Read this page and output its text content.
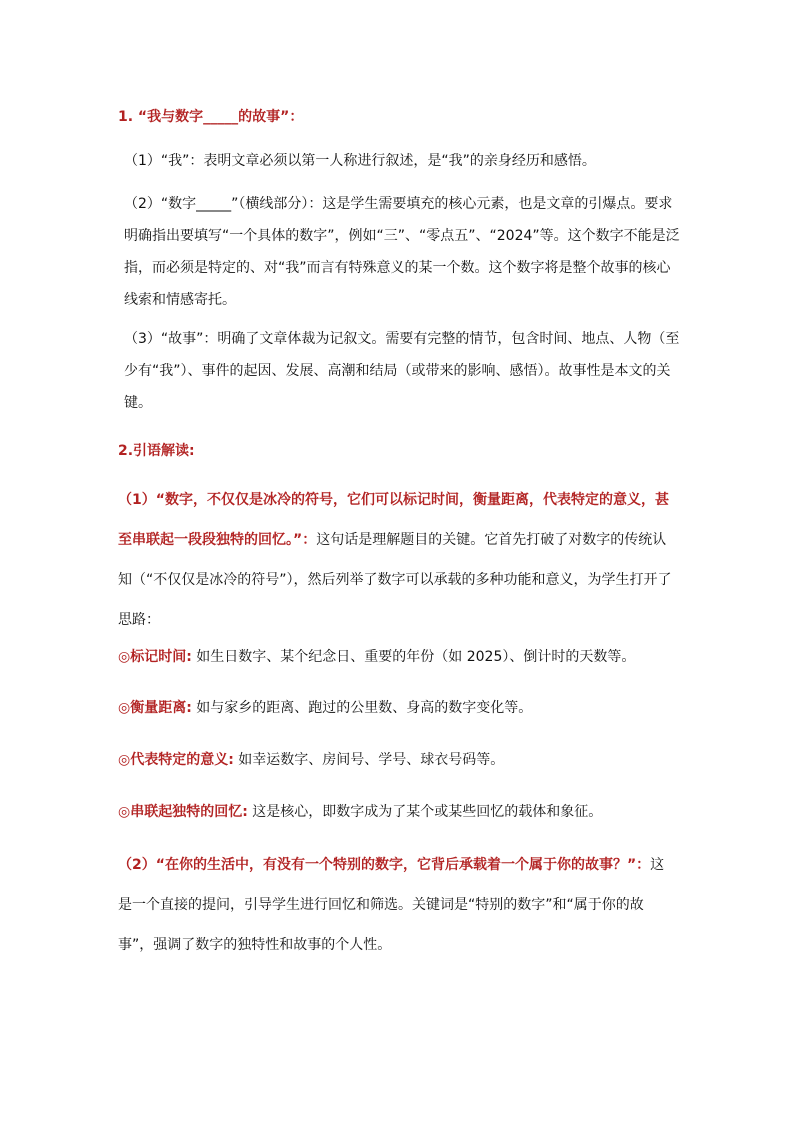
1. “我与数字_____的故事”：

（1）“我”：表明文章必须以第一人称进行叙述，是“我”的亲身经历和感悟。

（2）“数字_____”（横线部分）：这是学生需要填充的核心元素，也是文章的引爆点。要求明确指出要填写“一个具体的数字”，例如“三”、“零点五”、“2024”等。这个数字不能是泛指，而必须是特定的、对“我”而言有特殊意义的某一个数。这个数字将是整个故事的核心线索和情感寄托。

（3）“故事”：明确了文章体裁为记叙文。需要有完整的情节，包含时间、地点、人物（至少有“我”）、事件的起因、发展、高潮和结局（或带来的影响、感悟）。故事性是本文的关键。

2.引语解读:

（1）“数字，不仅仅是冰冷的符号，它们可以标记时间，衡量距离，代表特定的意义，甚至串联起一段段独特的回忆。”：这句话是理解题目的关键。它首先打破了对数字的传统认知（“不仅仅是冰冷的符号”），然后列举了数字可以承载的多种功能和意义，为学生打开了思路：

◎标记时间: 如生日数字、某个纪念日、重要的年份（如 2025）、倒计时的天数等。

◎衡量距离: 如与家乡的距离、跑过的公里数、身高的数字变化等。

◎代表特定的意义: 如幸运数字、房间号、学号、球衣号码等。

◎串联起独特的回忆: 这是核心，即数字成为了某个或某些回忆的载体和象征。

（2）“在你的生活中，有没有一个特别的数字，它背后承载着一个属于你的故事？”：这是一个直接的提问，引导学生进行回忆和筛选。关键词是“特别的数字”和“属于你的故事”，强调了数字的独特性和故事的个人性。
